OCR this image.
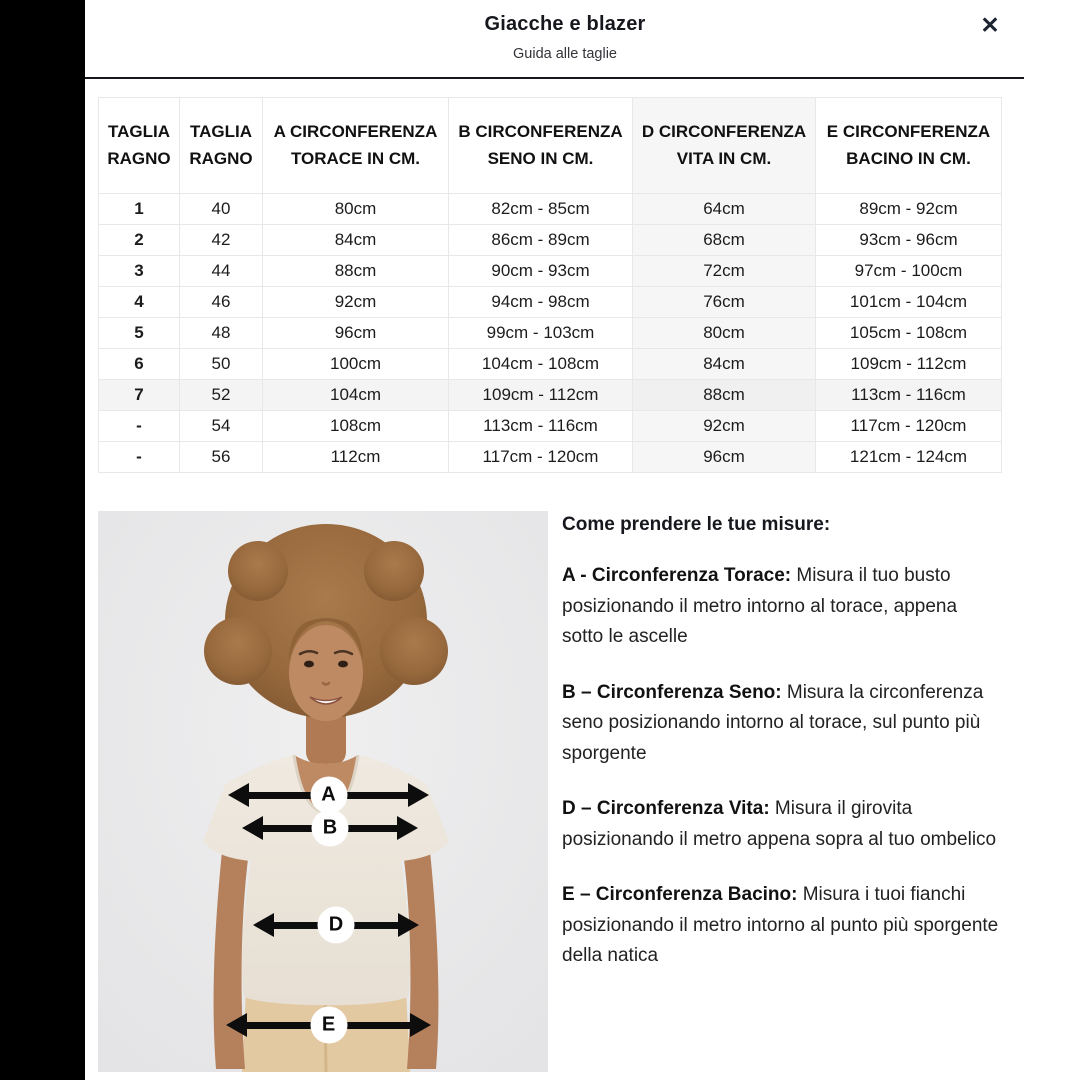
Giacche e blazer
Guida alle taglie
✕
TAGLIA RAGNO	TAGLIA RAGNO	A CIRCONFERENZA TORACE IN CM.	B CIRCONFERENZA SENO IN CM.	D CIRCONFERENZA VITA IN CM.	E CIRCONFERENZA BACINO IN CM.
1	40	80cm	82cm - 85cm	64cm	89cm - 92cm
2	42	84cm	86cm - 89cm	68cm	93cm - 96cm
3	44	88cm	90cm - 93cm	72cm	97cm - 100cm
4	46	92cm	94cm - 98cm	76cm	101cm - 104cm
5	48	96cm	99cm - 103cm	80cm	105cm - 108cm
6	50	100cm	104cm - 108cm	84cm	109cm - 112cm
7	52	104cm	109cm - 112cm	88cm	113cm - 116cm
-	54	108cm	113cm - 116cm	92cm	117cm - 120cm
-	56	112cm	117cm - 120cm	96cm	121cm - 124cm
A
B
D
E
Come prendere le tue misure:

A - Circonferenza Torace: Misura il tuo busto posizionando il metro intorno al torace, appena sotto le ascelle

B – Circonferenza Seno: Misura la circonferenza seno posizionando intorno al torace, sul punto più sporgente

D – Circonferenza Vita: Misura il girovita posizionando il metro appena sopra al tuo ombelico

E – Circonferenza Bacino: Misura i tuoi fianchi posizionando il metro intorno al punto più sporgente della natica
